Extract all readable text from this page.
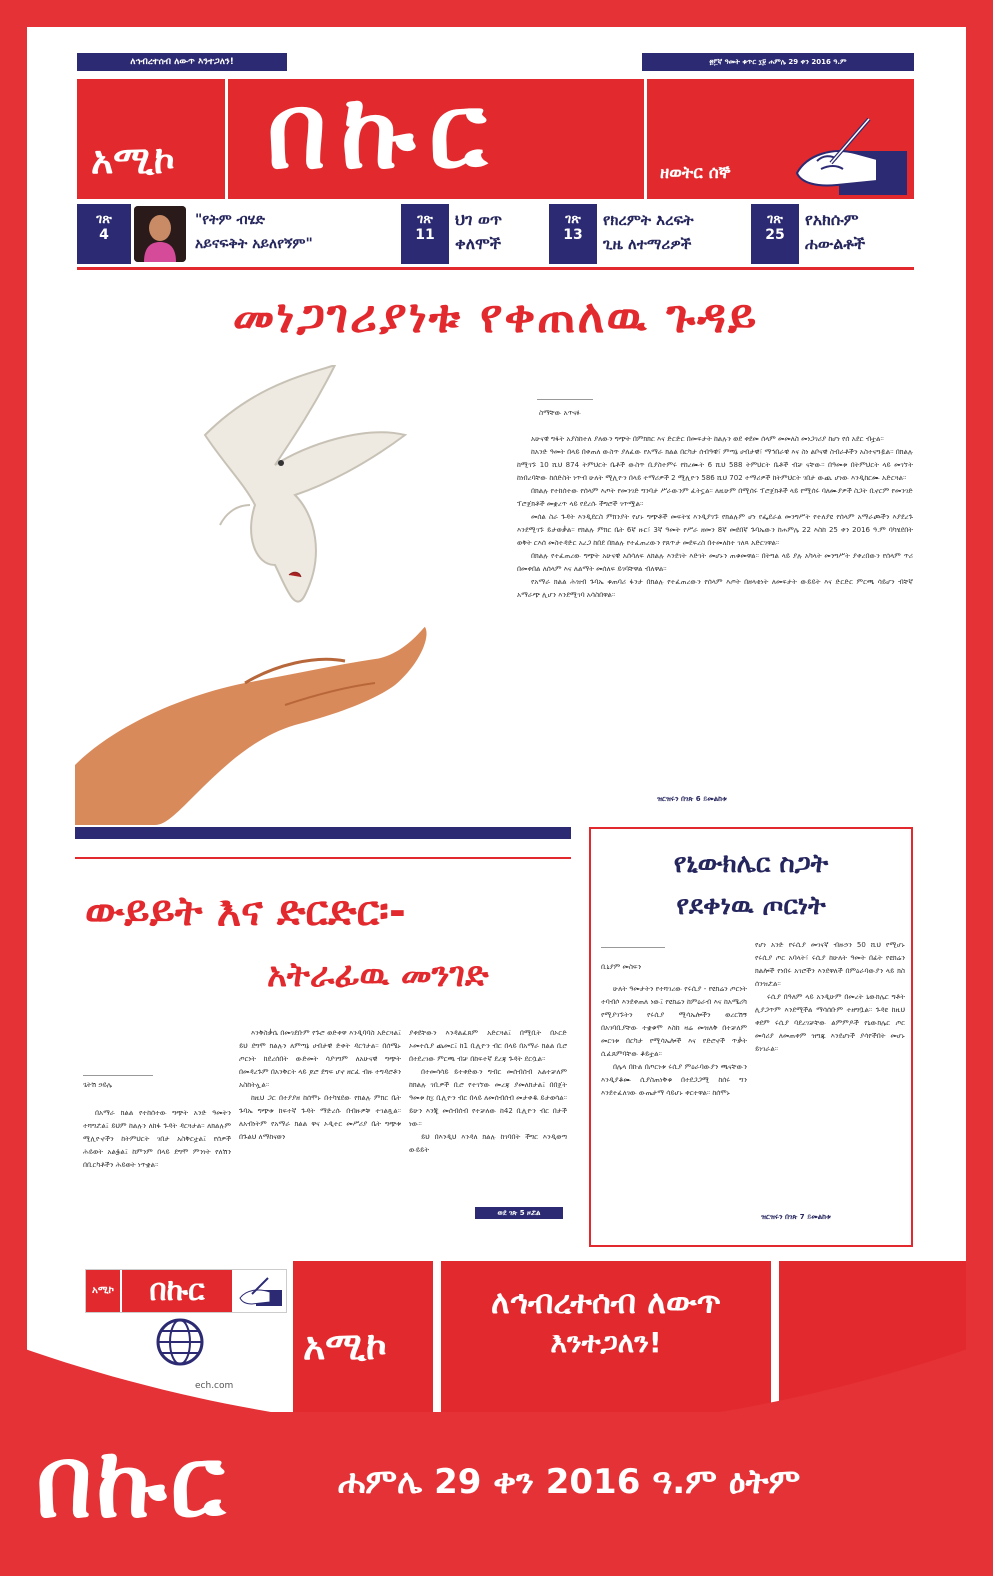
ለኅብረተሰብ ለውጥ እንተጋለን!	፳፫ኛ ዓመት ቁጥር ፲፱ ሐምሌ 29 ቀን 2016 ዓ.ም
አሚኮ በኩር	ዘወትር ሰኞ
ገጽ
4
"የትም ብሄድ
አይናፍቅት አይለየኝም"
ገጽ
11
ህገ ወጥ
ቀለሞች
ገጽ
13
የክረምት እረፍት
ጊዜ ለተማሪዎች
ገጽ
25
የአክሱም
ሐውልቶች
መነጋገሪያነቱ የቀጠለዉ ጉዳይ
ስማቸው አጥናፉ

አሁናዊ ግፋት አያስከተለ ያለውን ግጭት በምክክር እና ድርድር በመፍታት ከልሉን ወደ ቀደመ ሰላም መመለስ መነጋገሪያ ከሆነ የሰ አደር ብቷል።

ከአንድ ዓመት በላይ በቀጠለ ውስጥ ያለፈው የአማራ ክልል በርካታ ሰብዓዊ፣ ምጣኔ ሀብታዊ፣ ማኅበራዊ እና ስነ ልቦናዊ ስብራቶችን አስተናግዷል። በክልሉ ከሚገኙ 10 ሺህ 874 ትምህርት ቤቶች ውስጥ ቢያስተምሩ የከረሙት 6 ሺህ 588 ትምህርት ቤቶች ብቻ ናቸው። በዓመቱ በትምህርት ላይ መገኘት ከነበረባቸው ከሰድስት ነጥብ ሁለት ሚሊዮን በላይ ተማሪዎች 2 ሚሊዮን 586 ሺህ 702 ተማሪዎች ከትምህርት ገበታ ውጪ ሆነው እንዲከርሙ አድርጓል።

በክልሉ የተከሰተው የሰላም እጦት የመንገድ ግንባታ ሥራውንም ፈትኗል። ለዚሁም በሚሰሩ ፕሮጀክቶች ላይ የሚሰሩ ባለሙያዎች ስጋት ቢኖርም የመንገድ ፕሮጀክቶች መቋረጥ ላይ የደረሱ ችግሮች ገጥሟል።

መሰል ስራ ጉዳት እንዲደርስ ምክንያት የሆኑ ግጭቶች መፍትሄ እንዲያገኙ የክልሉም ሆነ የፌደራል መንግሥት የተለያዩ የሰላም አማራጮችን እያደረጉ እንደሚገኙ ይታወቃል። የክልሉ ምክር ቤት 6ኛ ዙር፣ 3ኛ ዓመት የሥራ ዘመን 8ኛ መደበኛ ጉባኤውን ከሐምሌ 22 እስከ 25 ቀን 2016 ዓ.ም ባካሄደበት ወቅት ርእሰ መስተዳድር አረጋ ከበደ በክልሉ የተፈጠረውን የጸጥታ መደፍረስ በተመለከተ ገለጻ አድርገዋል።

በክልሉ የተፈጠረው ግጭት አሁናዊ አሰሳለፍ ለክልሉ እንደገት እድገት መሆኑን ጠቁመዋል። በትግል ላይ ያሉ አካላት መንግሥት ያቀረበውን የሰላም ጥሪ በመቀበል ለሰላም እና ለልማት መሰለፍ ይገባቸዋል ብለዋል።

የአማራ ክልል ሕዝብ ጉባኤ ቁጠባሪ ፋንታ በክልሉ የተፈጠረውን የሰላም እጦት በዘላቂነት ለመፍታት ውይይት እና ድርድር ምርጫ ሳይሆን ብቸኛ አማራጭ ሊሆን እንደሚገባ አሳስበዋል።

ዝርዝሩን በገጽ 6 ይመልከቱ
ውይይት እና ድርድር፡-
አትራፊዉ መንገድ
ጌትሽ ኃይሌ

በአማራ ክልል የተከሰተው ግጭት አንድ ዓመትን ተሻግሯል፤ ይህም ከልሉን ለከፋ ጉዳት ዳርጓታል። ለክልሉም ሚሊዮኖችን ከትምህርት ገበታ አስቅርቷል፤ የሰዎች ሕይወት አልፏል፤ ከምንም በላይ ደግሞ ምንነት የለሽን በቢርካቶችን ሕይወት ነጥቋል።

እንቅስቃሴ በመገደቡም የጉሮ ወድቀዋ እንዲባባስ አድርጓል፤ ይህ ደግሞ ክልሉን ለምጣኔ ሀብታዊ ድቀት ዳርጎታል። በሰሜኑ ጦርነት ከደረሰበት ውድመት ሳያገግም ለአሁናዊ ግጭት በመዳረጉም በአንቅርት ላይ ጆሮ ደግፍ ሆኖ ዘርፈ ብዙ ተግዳሮቶን አስከትሏል።

ከዚህ ጋር በተያያዘ ከሰሞኑ በተካሄደው የክልሉ ምክር ቤት ጉባኤ ግጭቱ ከፍተኛ ጉዳት ማድረሱ በብዙዎቹ ተገልጿል። ለአብነትም የአማራ ክልል ዋና ኦዲተር መሥሪያ ቤት ግጭቱ በጉልህ ለማከናወን

ያቀደቸውን እንዳልፈጸም አድርጓል፤ በሚቢት በኦርድ ኦመተሲያ ጨመር፤ ከ1 ቢሊዮን ብር በላይ በአማራ ክልል ቢሮ በተደረገው ምርጫ ብቻ በከፍተኛ ደረጃ ጉዳት ደርሷል።

በተመሳሳይ ይተቀድውን ግብር መሰብሰብ አልተቻለም ከክልሉ ገቢዎች ቢሮ የተገኘው መረጃ ያመለክታል፤ በበጀት ዓመቱ ከ፲ ቢሊዮን ብር በላይ ለመሰብሰብ መታቀዱ ይታወሳል። ይሁን እንጂ መሰብሰብ የተቻለው ከ42 ቢሊዮን ብር በታች ነው።

ይህ በእንዲህ እንዳለ ክልሉ ከገባበት ችግር እንዲወጣ ውይይት

ወደ ገጽ 5 ዞሯል
የኒውክሌር ስጋት
የደቀነዉ ጦርነት
ቢኒያም መስፍን

ሁለት ዓመታትን የተሻገረው የሩሲያ - የዩክሬን ጦርነት ተባብሶ እንደቀጠለ ነው፤ የዩክሬን ከምዕራብ እና ከአሜሪካ የሚያገኙትን የሩሲያ ሚሳኤሎችን ወረርሽኝ በአገባቢያቸው ተቋቁሞ እስከ ዛሬ መዝለቅ በተቻለም መርገቱ በርካታ የሚሳኤሎች እና የድሮኖች ጥቃት ሲፈጸምባቸው ቆይቷል።

በሌላ በኩል በጦርነቱ ሩሲያ ምዕራባውያን ጫናቸውን እንዲያቆሙ ሲያስጠነቅቁ በተደጋጋሚ ከሰሩ ግን እንደተፈለገው ውጤታማ ሳይሆኑ ቀርተዋል። ከሰሞኑ

የሆነ አንድ የሩሲያ መገናኛ ብዙኃን 50 ሺህ የሚሆኑ የሩሲያ ጦር አባላት፣ ሩሲያ ከሁለት ዓመት በፊት የዩክሬን ክልሎች የነበሩ አገሮችን እንደዋለች በምዕራባውያን ላይ ክስ ሰንዝሯል።

ሩሲያ በዓለም ላይ አንዲሁም በመረት ኒውክሌር ግቶት ሊያጋጥም እንደሚችል ማሳሰቡም ተዘግቧል። ጉዳዩ ከዚህ ቀደም ሩሲያ ባደረገቻቸው ልምምዶች የኒውክሌር ጦር መሳሪያ ለመጠቀም ዝግጁ እንደሆነች ያሳየችበት መሆኑ ይነገራል።

ዝርዝሩን በገጽ 7 ይመልከቱ
አሚኮ	በኩር
ech.com
አሚኮ
ለኅብረተሰብ ለውጥ
እንተጋለን!
በኩር	ሐምሌ 29 ቀን 2016 ዓ.ም ዕትም
